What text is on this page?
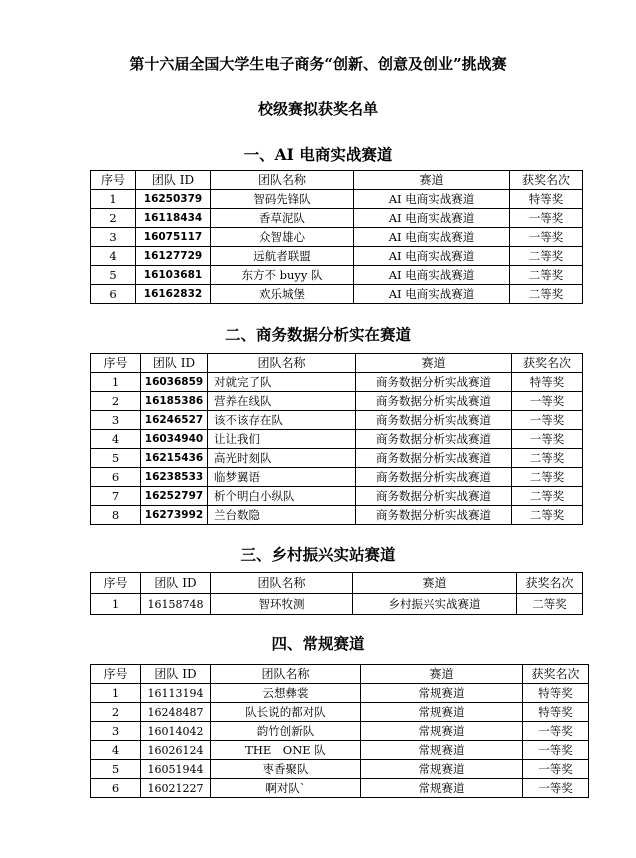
第十六届全国大学生电子商务“创新、创意及创业”挑战赛
校级赛拟获奖名单
一、AI 电商实战赛道
序号	团队 ID	团队名称	赛道	获奖名次
1	16250379	智码先锋队	AI 电商实战赛道	特等奖
2	16118434	香草泥队	AI 电商实战赛道	一等奖
3	16075117	众智雄心	AI 电商实战赛道	一等奖
4	16127729	远航者联盟	AI 电商实战赛道	二等奖
5	16103681	东方不 buyy 队	AI 电商实战赛道	二等奖
6	16162832	欢乐城堡	AI 电商实战赛道	二等奖
二、商务数据分析实在赛道
序号	团队 ID	团队名称	赛道	获奖名次
1	16036859	对就完了队	商务数据分析实战赛道	特等奖
2	16185386	营养在线队	商务数据分析实战赛道	一等奖
3	16246527	该不该存在队	商务数据分析实战赛道	一等奖
4	16034940	让让我们	商务数据分析实战赛道	一等奖
5	16215436	高光时刻队	商务数据分析实战赛道	二等奖
6	16238533	临梦翼语	商务数据分析实战赛道	二等奖
7	16252797	析个明白小纵队	商务数据分析实战赛道	二等奖
8	16273992	兰台数隐	商务数据分析实战赛道	二等奖
三、乡村振兴实站赛道
序号	团队 ID	团队名称	赛道	获奖名次
1	16158748	智环牧测	乡村振兴实战赛道	二等奖
四、常规赛道
序号	团队 ID	团队名称	赛道	获奖名次
1	16113194	云想彝裳	常规赛道	特等奖
2	16248487	队长说的都对队	常规赛道	特等奖
3	16014042	韵竹创新队	常规赛道	一等奖
4	16026124	THE　ONE 队	常规赛道	一等奖
5	16051944	枣香聚队	常规赛道	一等奖
6	16021227	啊对队`	常规赛道	一等奖
